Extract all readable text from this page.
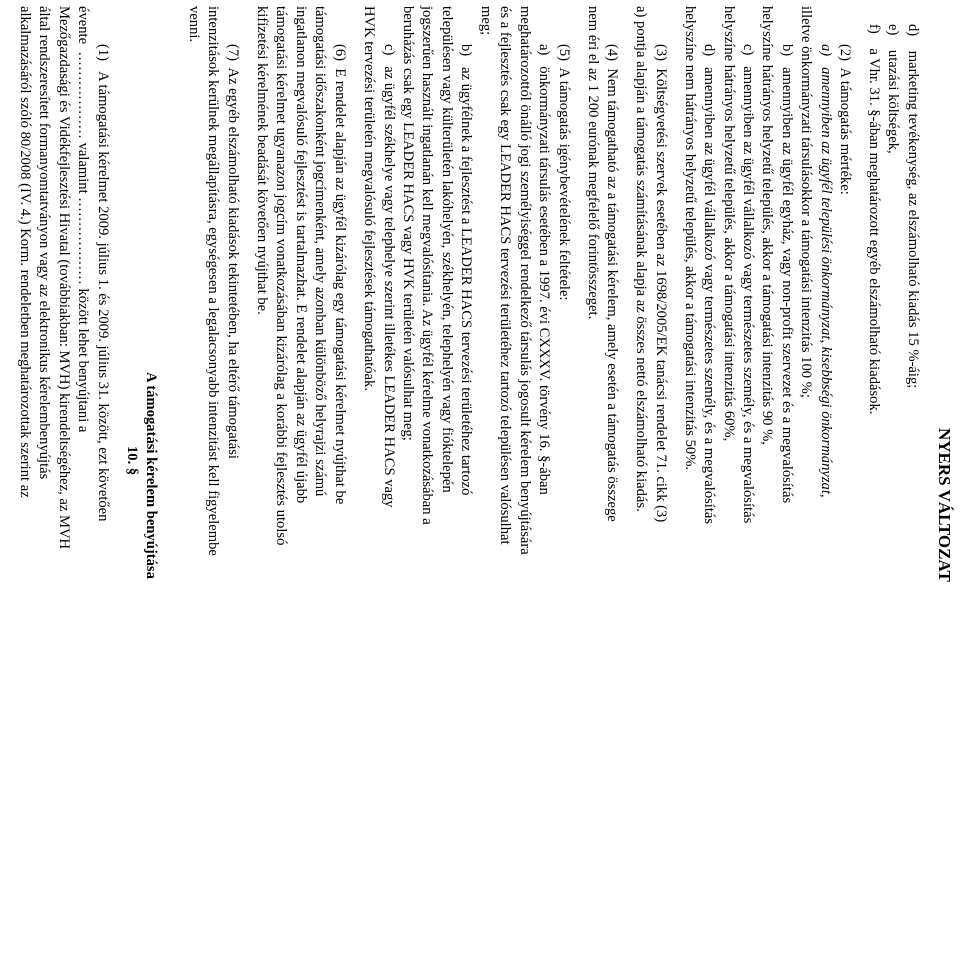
NYERS VÁLTOZAT
d)    marketing tevékenység, az elszámolható kiadás 15 %-áig;
e)    utazási költségek,
f)    a Vhr. 31. §-ában meghatározott egyéb elszámolható kiadások.
(2)  A támogatás mértéke:
a)   amennyiben az ügyfél települési önkormányzat, kisebbségi önkormányzat,
illetve önkormányzati társulásokkor a támogatási intenzitás 100 %;
b)   amennyiben az ügyfél egyház, vagy non-profit szervezet és a megvalósítás
helyszíne hátrányos helyzetű település, akkor a támogatási intenzitás 90 %,
c)   amennyiben az ügyfél vállalkozó vagy természetes személy, és a megvalósítás
helyszíne hátrányos helyzetű település, akkor a támogatási intenzitás 60%,
d)   amennyiben az ügyfél vállalkozó vagy természetes személy, és a megvalósítás
helyszíne nem hátrányos helyzetű település, akkor a támogatási intenzitás 50%.
(3)  Költségvetési szervek esetében az 1698/2005/EK tanácsi rendelet 71. cikk (3)
a) pontja alapján a támogatás számításának alapja az összes nettó elszámolható kiadás.
(4)  Nem támogatható az a támogatási kérelem, amely esetén a támogatás összege
nem éri el az 1 200 eurónak megfelelő forintösszeget.
(5)  A támogatás igénybevételének feltétele:
a)   önkormányzati társulás esetében a 1997. évi CXXXV. törvény 16. §-ában
meghatározottól önálló jogi személyiséggel rendelkező társulás jogosult kérelem benyújtására
és a fejlesztés csak egy LEADER HACS tervezési területéhez tartozó településen valósulhat
meg;
b)   az ügyfélnek a fejlesztést a LEADER HACS tervezési területéhez tartozó
településen vagy külterületén lakóhelyén, székhelyén, telephelyén vagy fióktelepén
jogszerűen használt ingatlanán kell megvalósítania. Az ügyfél kérelme vonatkozásában a
beruházás csak egy LEADER HACS vagy HVK területén valósulhat meg;
c)   az ügyfél székhelye vagy telephelye szerint illetékes LEADER HACS vagy
HVK tervezési területén megvalósuló fejlesztések támogathatóak.
(6)  E rendelet alapján az ügyfél kizárólag egy támogatási kérelmet nyújthat be
támogatási időszakonként jogcímenként, amely azonban különböző helyrajzi számú
ingatlanon megvalósuló fejlesztést is tartalmazhat. E rendelet alapján az ügyfél újabb
támogatási kérelmet ugyanazon jogcím vonatkozásában kizárólag a korábbi fejlesztés utolsó
kifizetési kérelmének beadását követően nyújthat be.
(7)  Az egyéb elszámolható kiadások tekintetében, ha eltérő támogatási
intenzitások kerülnek megállapításra, egységesen a legalacsonyabb intenzitást kell figyelembe
venni.
A támogatási kérelem benyújtása
10. §
(1)   A támogatási kérelmet 2009. július 1. és 2009. július 31. között, ezt követően
évente  ……………… valamint ……………… között lehet benyújtani a
Mezőgazdasági és Vidékfejlesztési Hivatal (továbbiakban: MVH) kirendeltségéhez, az MVH
által rendszeresített formanyomtatványon vagy az elektronikus kérelembenyújtás
alkalmazásáról szóló 80/2008 (IV. 4.) Korm. rendeletben meghatározottak szerint az
